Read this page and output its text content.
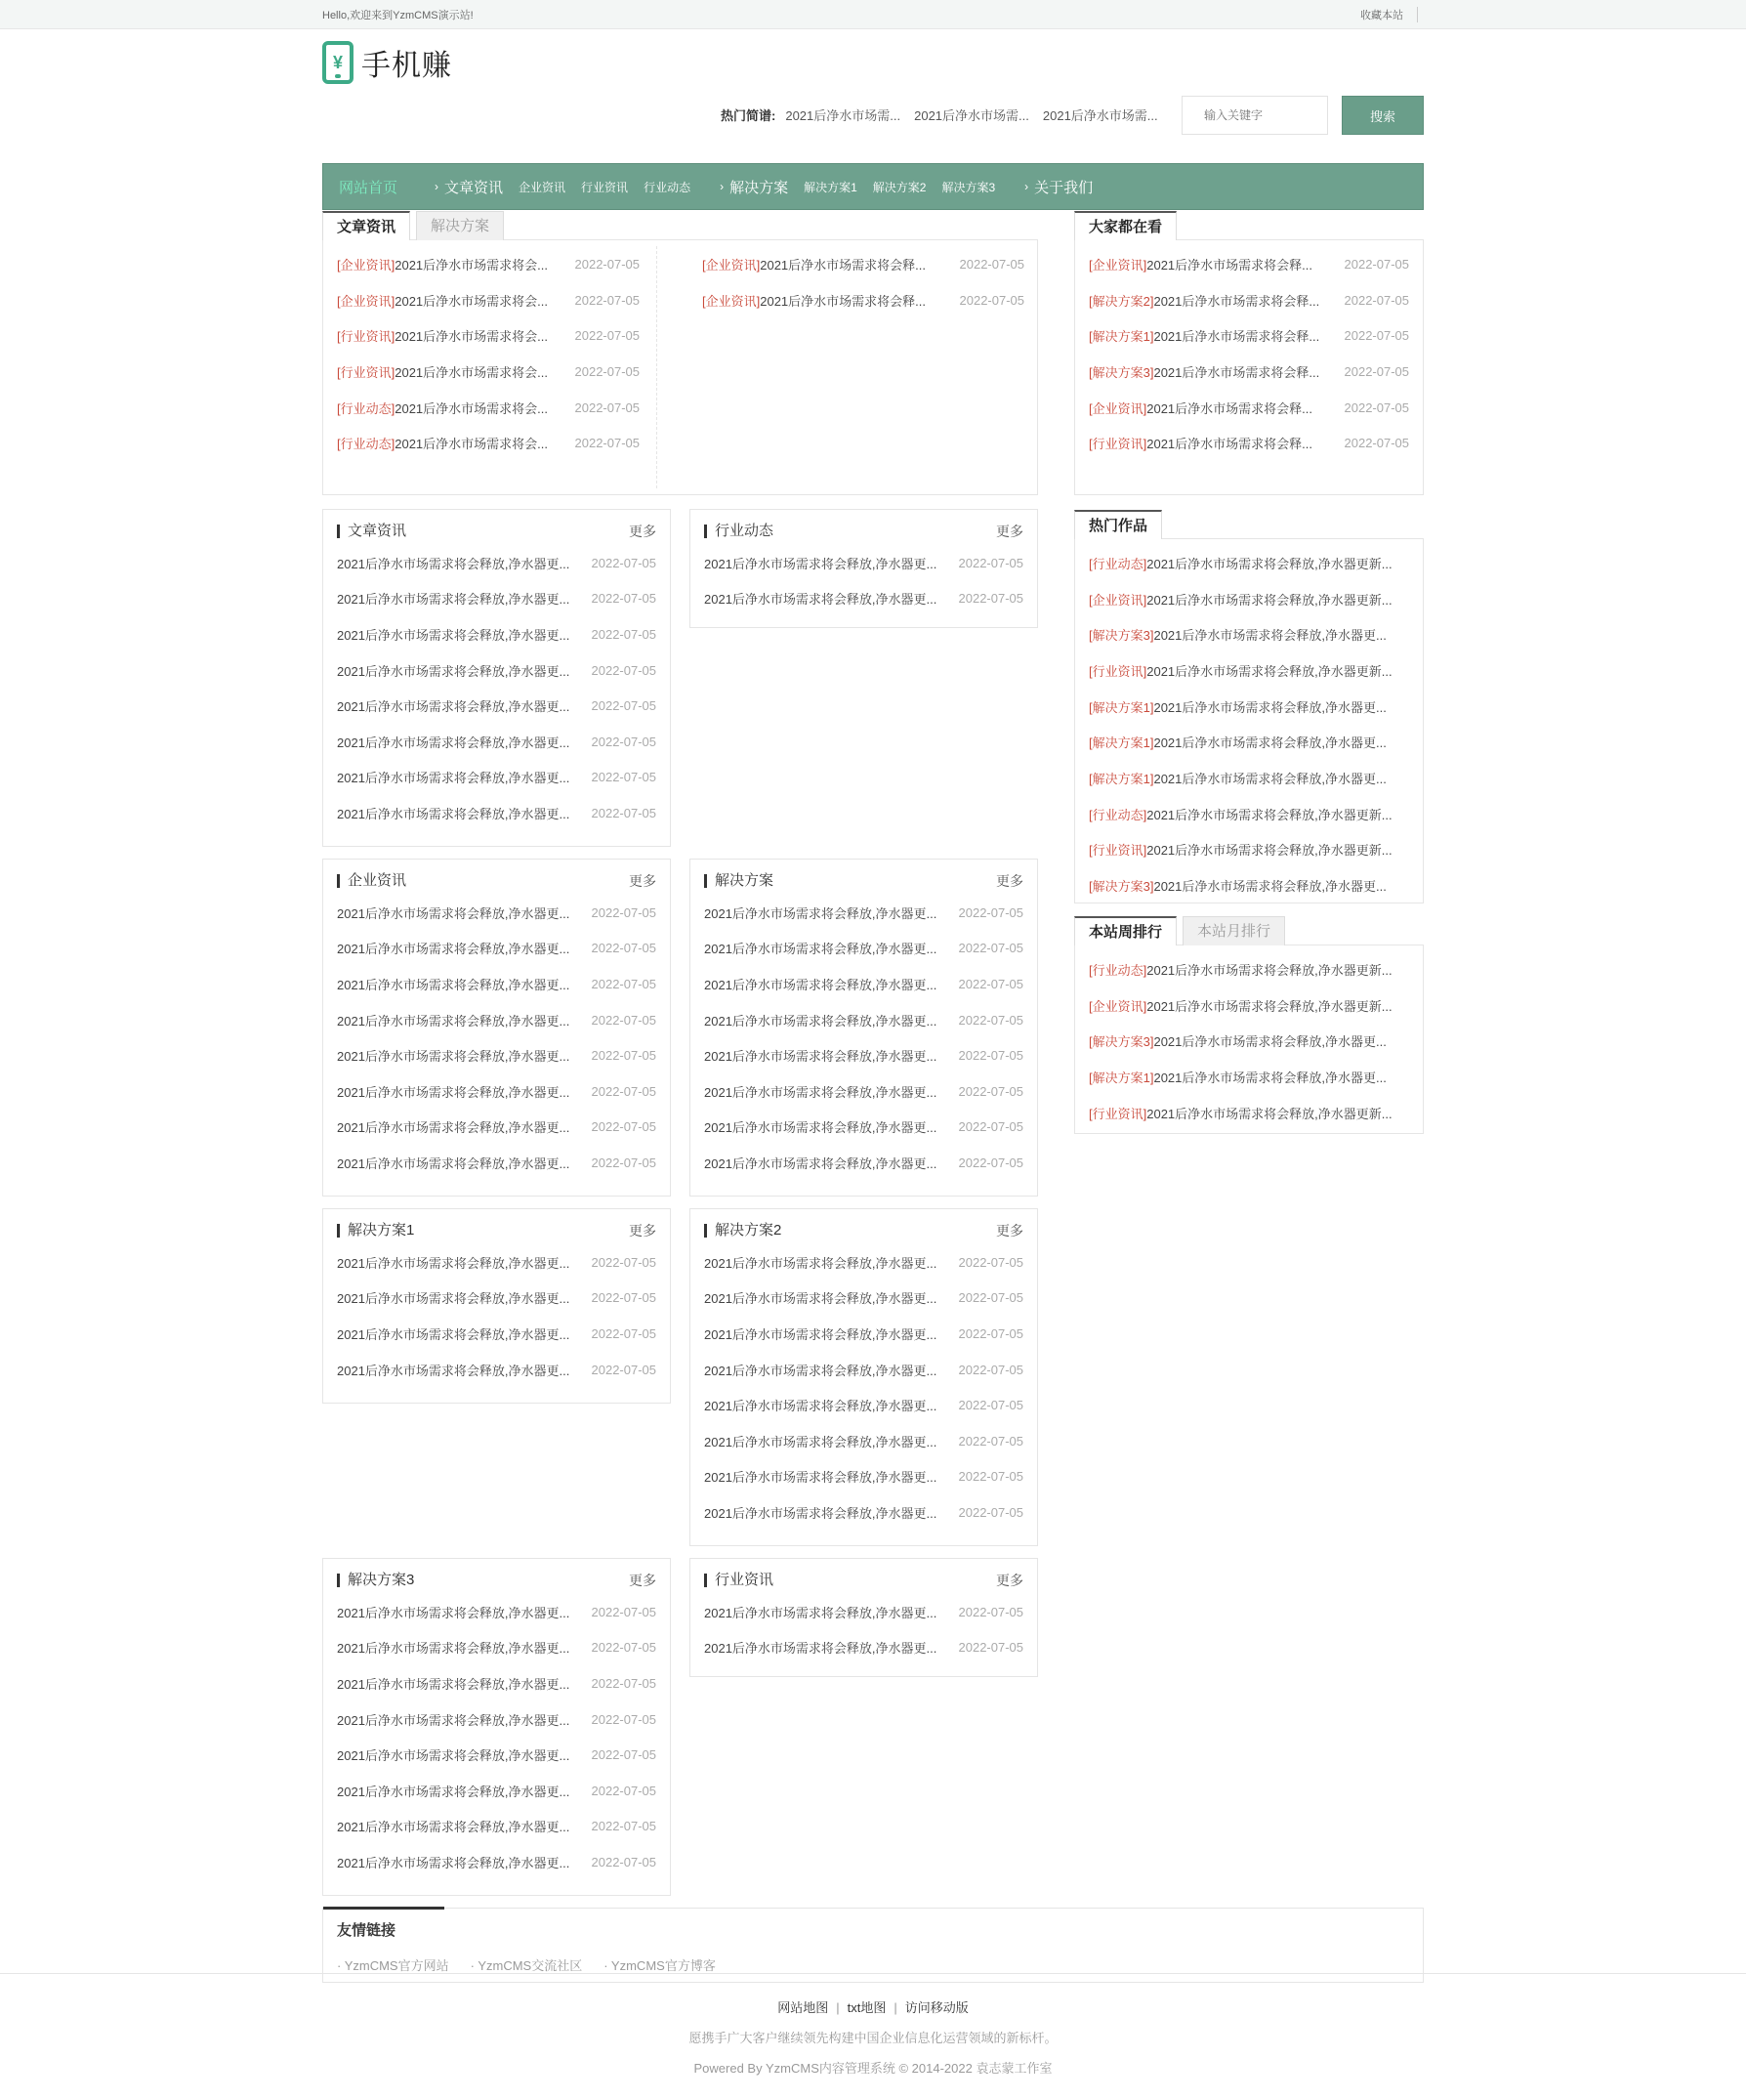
Hello,欢迎来到YzmCMS演示站!	收藏本站
¥ 手机赚
热门简谱: 2021后净水市场需... 2021后净水市场需... 2021后净水市场需...
输入关键字	搜索
网站首页	› 文章资讯 企业资讯 行业资讯 行业动态	› 解决方案 解决方案1 解决方案2 解决方案3	› 关于我们
文章资讯	解决方案
[企业资讯]2021后净水市场需求将会... 2022-07-05
[企业资讯]2021后净水市场需求将会... 2022-07-05
[行业资讯]2021后净水市场需求将会... 2022-07-05
[行业资讯]2021后净水市场需求将会... 2022-07-05
[行业动态]2021后净水市场需求将会... 2022-07-05
[行业动态]2021后净水市场需求将会... 2022-07-05
[企业资讯]2021后净水市场需求将会释...	2022-07-05
[企业资讯]2021后净水市场需求将会释...	2022-07-05
大家都在看
[企业资讯]2021后净水市场需求将会释...	2022-07-05
[解决方案2]2021后净水市场需求将会释... 2022-07-05
[解决方案1]2021后净水市场需求将会释... 2022-07-05
[解决方案3]2021后净水市场需求将会释... 2022-07-05
[企业资讯]2021后净水市场需求将会释...	2022-07-05
[行业资讯]2021后净水市场需求将会释...	2022-07-05
热门作品
[行业动态]2021后净水市场需求将会释放,净水器更新...
[企业资讯]2021后净水市场需求将会释放,净水器更新...
[解决方案3]2021后净水市场需求将会释放,净水器更...
[行业资讯]2021后净水市场需求将会释放,净水器更新...
[解决方案1]2021后净水市场需求将会释放,净水器更...
[解决方案1]2021后净水市场需求将会释放,净水器更...
[解决方案1]2021后净水市场需求将会释放,净水器更...
[行业动态]2021后净水市场需求将会释放,净水器更新...
[行业资讯]2021后净水市场需求将会释放,净水器更新...
[解决方案3]2021后净水市场需求将会释放,净水器更...
本站周排行	本站月排行
[行业动态]2021后净水市场需求将会释放,净水器更新...
[企业资讯]2021后净水市场需求将会释放,净水器更新...
[解决方案3]2021后净水市场需求将会释放,净水器更...
[解决方案1]2021后净水市场需求将会释放,净水器更...
[行业资讯]2021后净水市场需求将会释放,净水器更新...
文章资讯	更多
2021后净水市场需求将会释放,净水器更... 2022-07-05
2021后净水市场需求将会释放,净水器更... 2022-07-05
2021后净水市场需求将会释放,净水器更... 2022-07-05
2021后净水市场需求将会释放,净水器更... 2022-07-05
2021后净水市场需求将会释放,净水器更... 2022-07-05
2021后净水市场需求将会释放,净水器更... 2022-07-05
2021后净水市场需求将会释放,净水器更... 2022-07-05
2021后净水市场需求将会释放,净水器更... 2022-07-05
行业动态	更多
2021后净水市场需求将会释放,净水器更... 2022-07-05
2021后净水市场需求将会释放,净水器更... 2022-07-05
企业资讯	更多
2021后净水市场需求将会释放,净水器更... 2022-07-05
2021后净水市场需求将会释放,净水器更... 2022-07-05
2021后净水市场需求将会释放,净水器更... 2022-07-05
2021后净水市场需求将会释放,净水器更... 2022-07-05
2021后净水市场需求将会释放,净水器更... 2022-07-05
2021后净水市场需求将会释放,净水器更... 2022-07-05
2021后净水市场需求将会释放,净水器更... 2022-07-05
2021后净水市场需求将会释放,净水器更... 2022-07-05
解决方案	更多
2021后净水市场需求将会释放,净水器更... 2022-07-05
2021后净水市场需求将会释放,净水器更... 2022-07-05
2021后净水市场需求将会释放,净水器更... 2022-07-05
2021后净水市场需求将会释放,净水器更... 2022-07-05
2021后净水市场需求将会释放,净水器更... 2022-07-05
2021后净水市场需求将会释放,净水器更... 2022-07-05
2021后净水市场需求将会释放,净水器更... 2022-07-05
2021后净水市场需求将会释放,净水器更... 2022-07-05
解决方案1	更多
2021后净水市场需求将会释放,净水器更... 2022-07-05
2021后净水市场需求将会释放,净水器更... 2022-07-05
2021后净水市场需求将会释放,净水器更... 2022-07-05
2021后净水市场需求将会释放,净水器更... 2022-07-05
解决方案2	更多
2021后净水市场需求将会释放,净水器更... 2022-07-05
2021后净水市场需求将会释放,净水器更... 2022-07-05
2021后净水市场需求将会释放,净水器更... 2022-07-05
2021后净水市场需求将会释放,净水器更... 2022-07-05
2021后净水市场需求将会释放,净水器更... 2022-07-05
2021后净水市场需求将会释放,净水器更... 2022-07-05
2021后净水市场需求将会释放,净水器更... 2022-07-05
2021后净水市场需求将会释放,净水器更... 2022-07-05
解决方案3	更多
2021后净水市场需求将会释放,净水器更... 2022-07-05
2021后净水市场需求将会释放,净水器更... 2022-07-05
2021后净水市场需求将会释放,净水器更... 2022-07-05
2021后净水市场需求将会释放,净水器更... 2022-07-05
2021后净水市场需求将会释放,净水器更... 2022-07-05
2021后净水市场需求将会释放,净水器更... 2022-07-05
2021后净水市场需求将会释放,净水器更... 2022-07-05
2021后净水市场需求将会释放,净水器更... 2022-07-05
行业资讯	更多
2021后净水市场需求将会释放,净水器更... 2022-07-05
2021后净水市场需求将会释放,净水器更... 2022-07-05
友情链接
· YzmCMS官方网站 · YzmCMS交流社区 · YzmCMS官方博客
网站地图 | txt地图 | 访问移动版

愿携手广大客户继续领先构建中国企业信息化运营领域的新标杆。

Powered By YzmCMS内容管理系统 © 2014-2022 袁志蒙工作室
